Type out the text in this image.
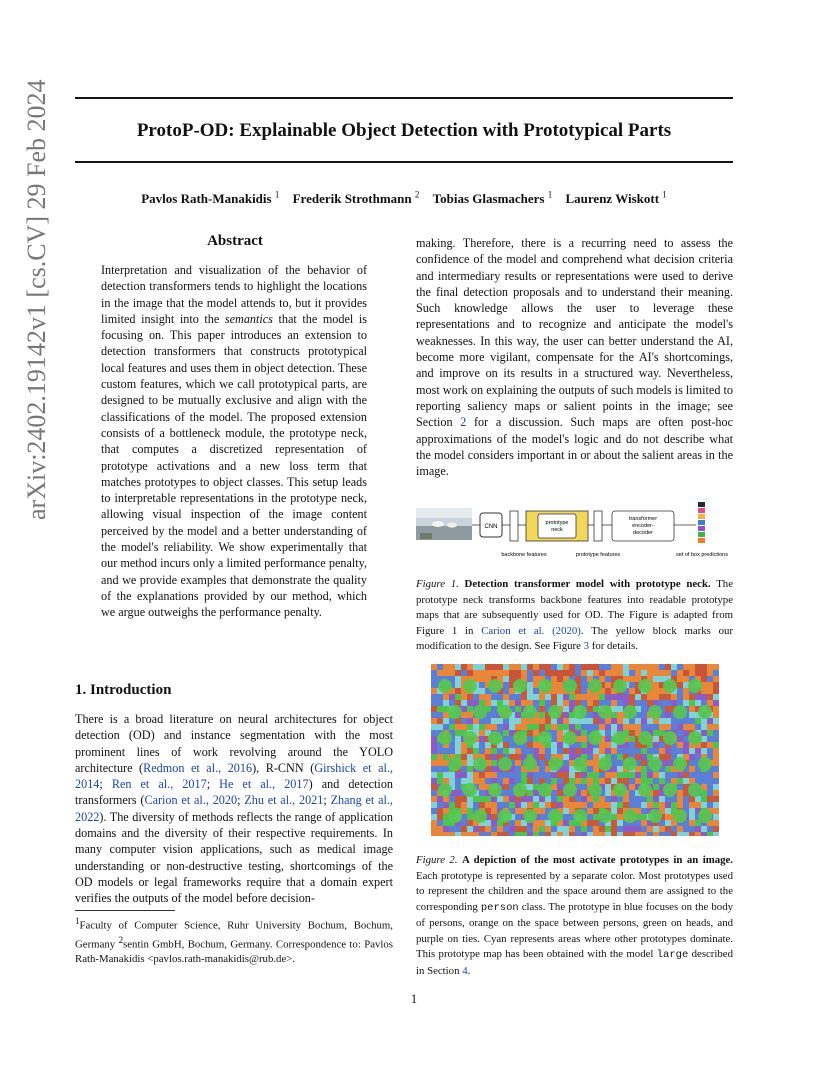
arXiv:2402.19142v1 [cs.CV] 29 Feb 2024	ProtoP-OD: Explainable Object Detection with Prototypical Parts
Pavlos Rath-Manakidis $^1$ Frederik Strothmann $^2$ Tobias Glasmachers $^1$ Laurenz Wiskott $^1$
Abstract
Interpretation and visualization of the behavior of detection transformers tends to highlight the locations in the image that the model attends to, but it provides limited insight into the semantics that the model is focusing on. This paper introduces an extension to detection transformers that constructs prototypical local features and uses them in object detection. These custom features, which we call prototypical parts, are designed to be mutually exclusive and align with the classifications of the model. The proposed extension consists of a bottleneck module, the prototype neck, that computes a discretized representation of prototype activations and a new loss term that matches prototypes to object classes. This setup leads to interpretable representations in the prototype neck, allowing visual inspection of the image content perceived by the model and a better understanding of the model's reliability. We show experimentally that our method incurs only a limited performance penalty, and we provide examples that demonstrate the quality of the explanations provided by our method, which we argue outweighs the performance penalty.
1. Introduction
There is a broad literature on neural architectures for object detection (OD) and instance segmentation with the most prominent lines of work revolving around the YOLO architecture (Redmon et al., 2016), R-CNN (Girshick et al., 2014; Ren et al., 2017; He et al., 2017) and detection transformers (Carion et al., 2020; Zhu et al., 2021; Zhang et al., 2022). The diversity of methods reflects the range of application domains and the diversity of their respective requirements. In many computer vision applications, such as medical image understanding or non-destructive testing, shortcomings of the OD models or legal frameworks require that a domain expert verifies the outputs of the model before decision-
$^1$Faculty of Computer Science, Ruhr University Bochum, Bochum, Germany $^2$sentin GmbH, Bochum, Germany. Correspondence to: Pavlos Rath-Manakidis <pavlos.rath-manakidis@rub.de>.
making. Therefore, there is a recurring need to assess the confidence of the model and comprehend what decision criteria and intermediary results or representations were used to derive the final detection proposals and to understand their meaning. Such knowledge allows the user to leverage these representations and to recognize and anticipate the model's weaknesses. In this way, the user can better understand the AI, become more vigilant, compensate for the AI's shortcomings, and improve on its results in a structured way. Nevertheless, most work on explaining the outputs of such models is limited to reporting saliency maps or salient points in the image; see Section 2 for a discussion. Such maps are often post-hoc approximations of the model's logic and do not describe what the model considers important in or about the salient areas in the image.
CNN
prototype
neck
transformer
encoder-
decoder
backbone features	prototype features	set of box predictions
Figure 1. Detection transformer model with prototype neck. The prototype neck transforms backbone features into readable prototype maps that are subsequently used for OD. The Figure is adapted from Figure 1 in Carion et al. (2020). The yellow block marks our modification to the design. See Figure 3 for details.
Figure 2. A depiction of the most activate prototypes in an image. Each prototype is represented by a separate color. Most prototypes used to represent the children and the space around them are assigned to the corresponding person class. The prototype in blue focuses on the body of persons, orange on the space between persons, green on heads, and purple on ties. Cyan represents areas where other prototypes dominate. This prototype map has been obtained with the model large described in Section 4.
1
